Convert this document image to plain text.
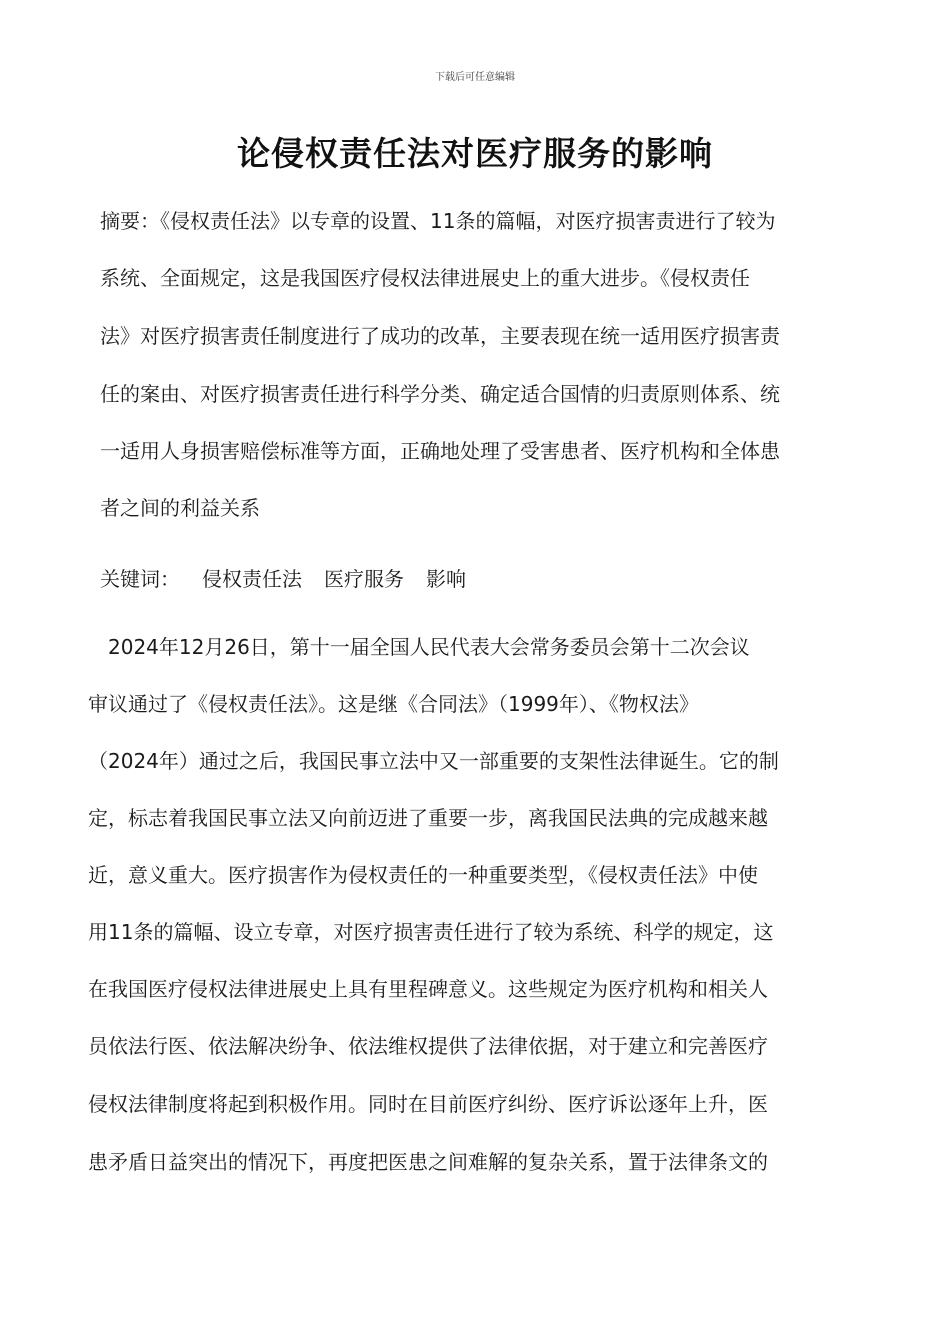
下载后可任意编辑
论侵权责任法对医疗服务的影响
摘要：《侵权责任法》以专章的设置、11条的篇幅，对医疗损害责进行了较为
系统、全面规定，这是我国医疗侵权法律进展史上的重大进步。《侵权责任
法》对医疗损害责任制度进行了成功的改革，主要表现在统一适用医疗损害责
任的案由、对医疗损害责任进行科学分类、确定适合国情的归责原则体系、统
一适用人身损害赔偿标准等方面，正确地处理了受害患者、医疗机构和全体患
者之间的利益关系
关键词： 侵权责任法 医疗服务 影响
　2024年12月26日，第十一届全国人民代表大会常务委员会第十二次会议
审议通过了《侵权责任法》。这是继《合同法》（1999年）、《物权法》
（2024年）通过之后，我国民事立法中又一部重要的支架性法律诞生。它的制
定，标志着我国民事立法又向前迈进了重要一步，离我国民法典的完成越来越
近，意义重大。医疗损害作为侵权责任的一种重要类型，《侵权责任法》中使
用11条的篇幅、设立专章，对医疗损害责任进行了较为系统、科学的规定，这
在我国医疗侵权法律进展史上具有里程碑意义。这些规定为医疗机构和相关人
员依法行医、依法解决纷争、依法维权提供了法律依据，对于建立和完善医疗
侵权法律制度将起到积极作用。同时在目前医疗纠纷、医疗诉讼逐年上升，医
患矛盾日益突出的情况下，再度把医患之间难解的复杂关系，置于法律条文的
